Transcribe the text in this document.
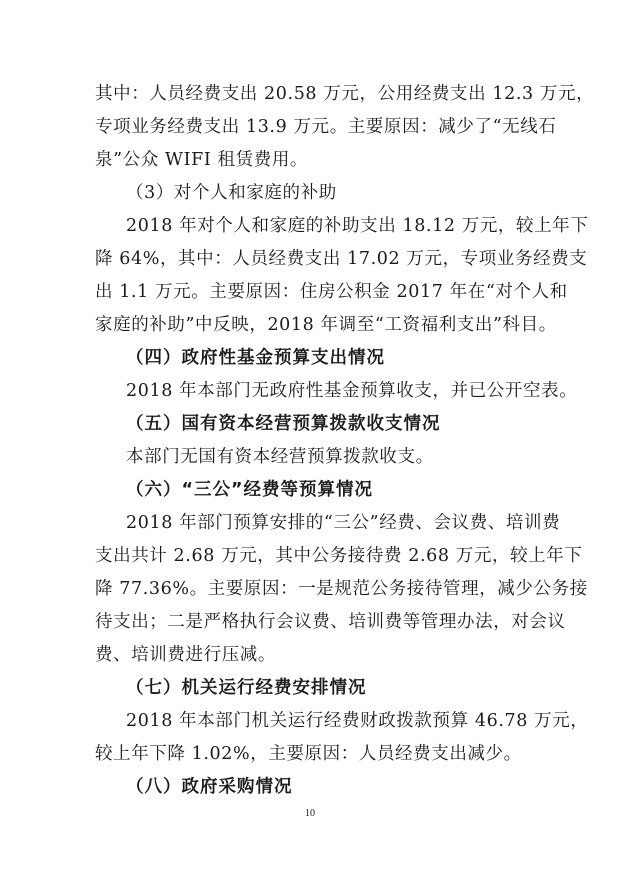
其中：人员经费支出 20.58 万元，公用经费支出 12.3 万元，
专项业务经费支出 13.9 万元。主要原因：减少了“无线石
泉”公众 WIFI 租赁费用。
（3）对个人和家庭的补助
2018 年对个人和家庭的补助支出 18.12 万元，较上年下
降 64%，其中：人员经费支出 17.02 万元，专项业务经费支
出 1.1 万元。主要原因：住房公积金 2017 年在“对个人和
家庭的补助”中反映，2018 年调至“工资福利支出”科目。
（四）政府性基金预算支出情况
2018 年本部门无政府性基金预算收支，并已公开空表。
（五）国有资本经营预算拨款收支情况
本部门无国有资本经营预算拨款收支。
（六）“三公”经费等预算情况
2018 年部门预算安排的“三公”经费、会议费、培训费
支出共计 2.68 万元，其中公务接待费 2.68 万元，较上年下
降 77.36%。主要原因：一是规范公务接待管理，减少公务接
待支出；二是严格执行会议费、培训费等管理办法，对会议
费、培训费进行压减。
（七）机关运行经费安排情况
2018 年本部门机关运行经费财政拨款预算 46.78 万元，
较上年下降 1.02%，主要原因：人员经费支出减少。
（八）政府采购情况
10
